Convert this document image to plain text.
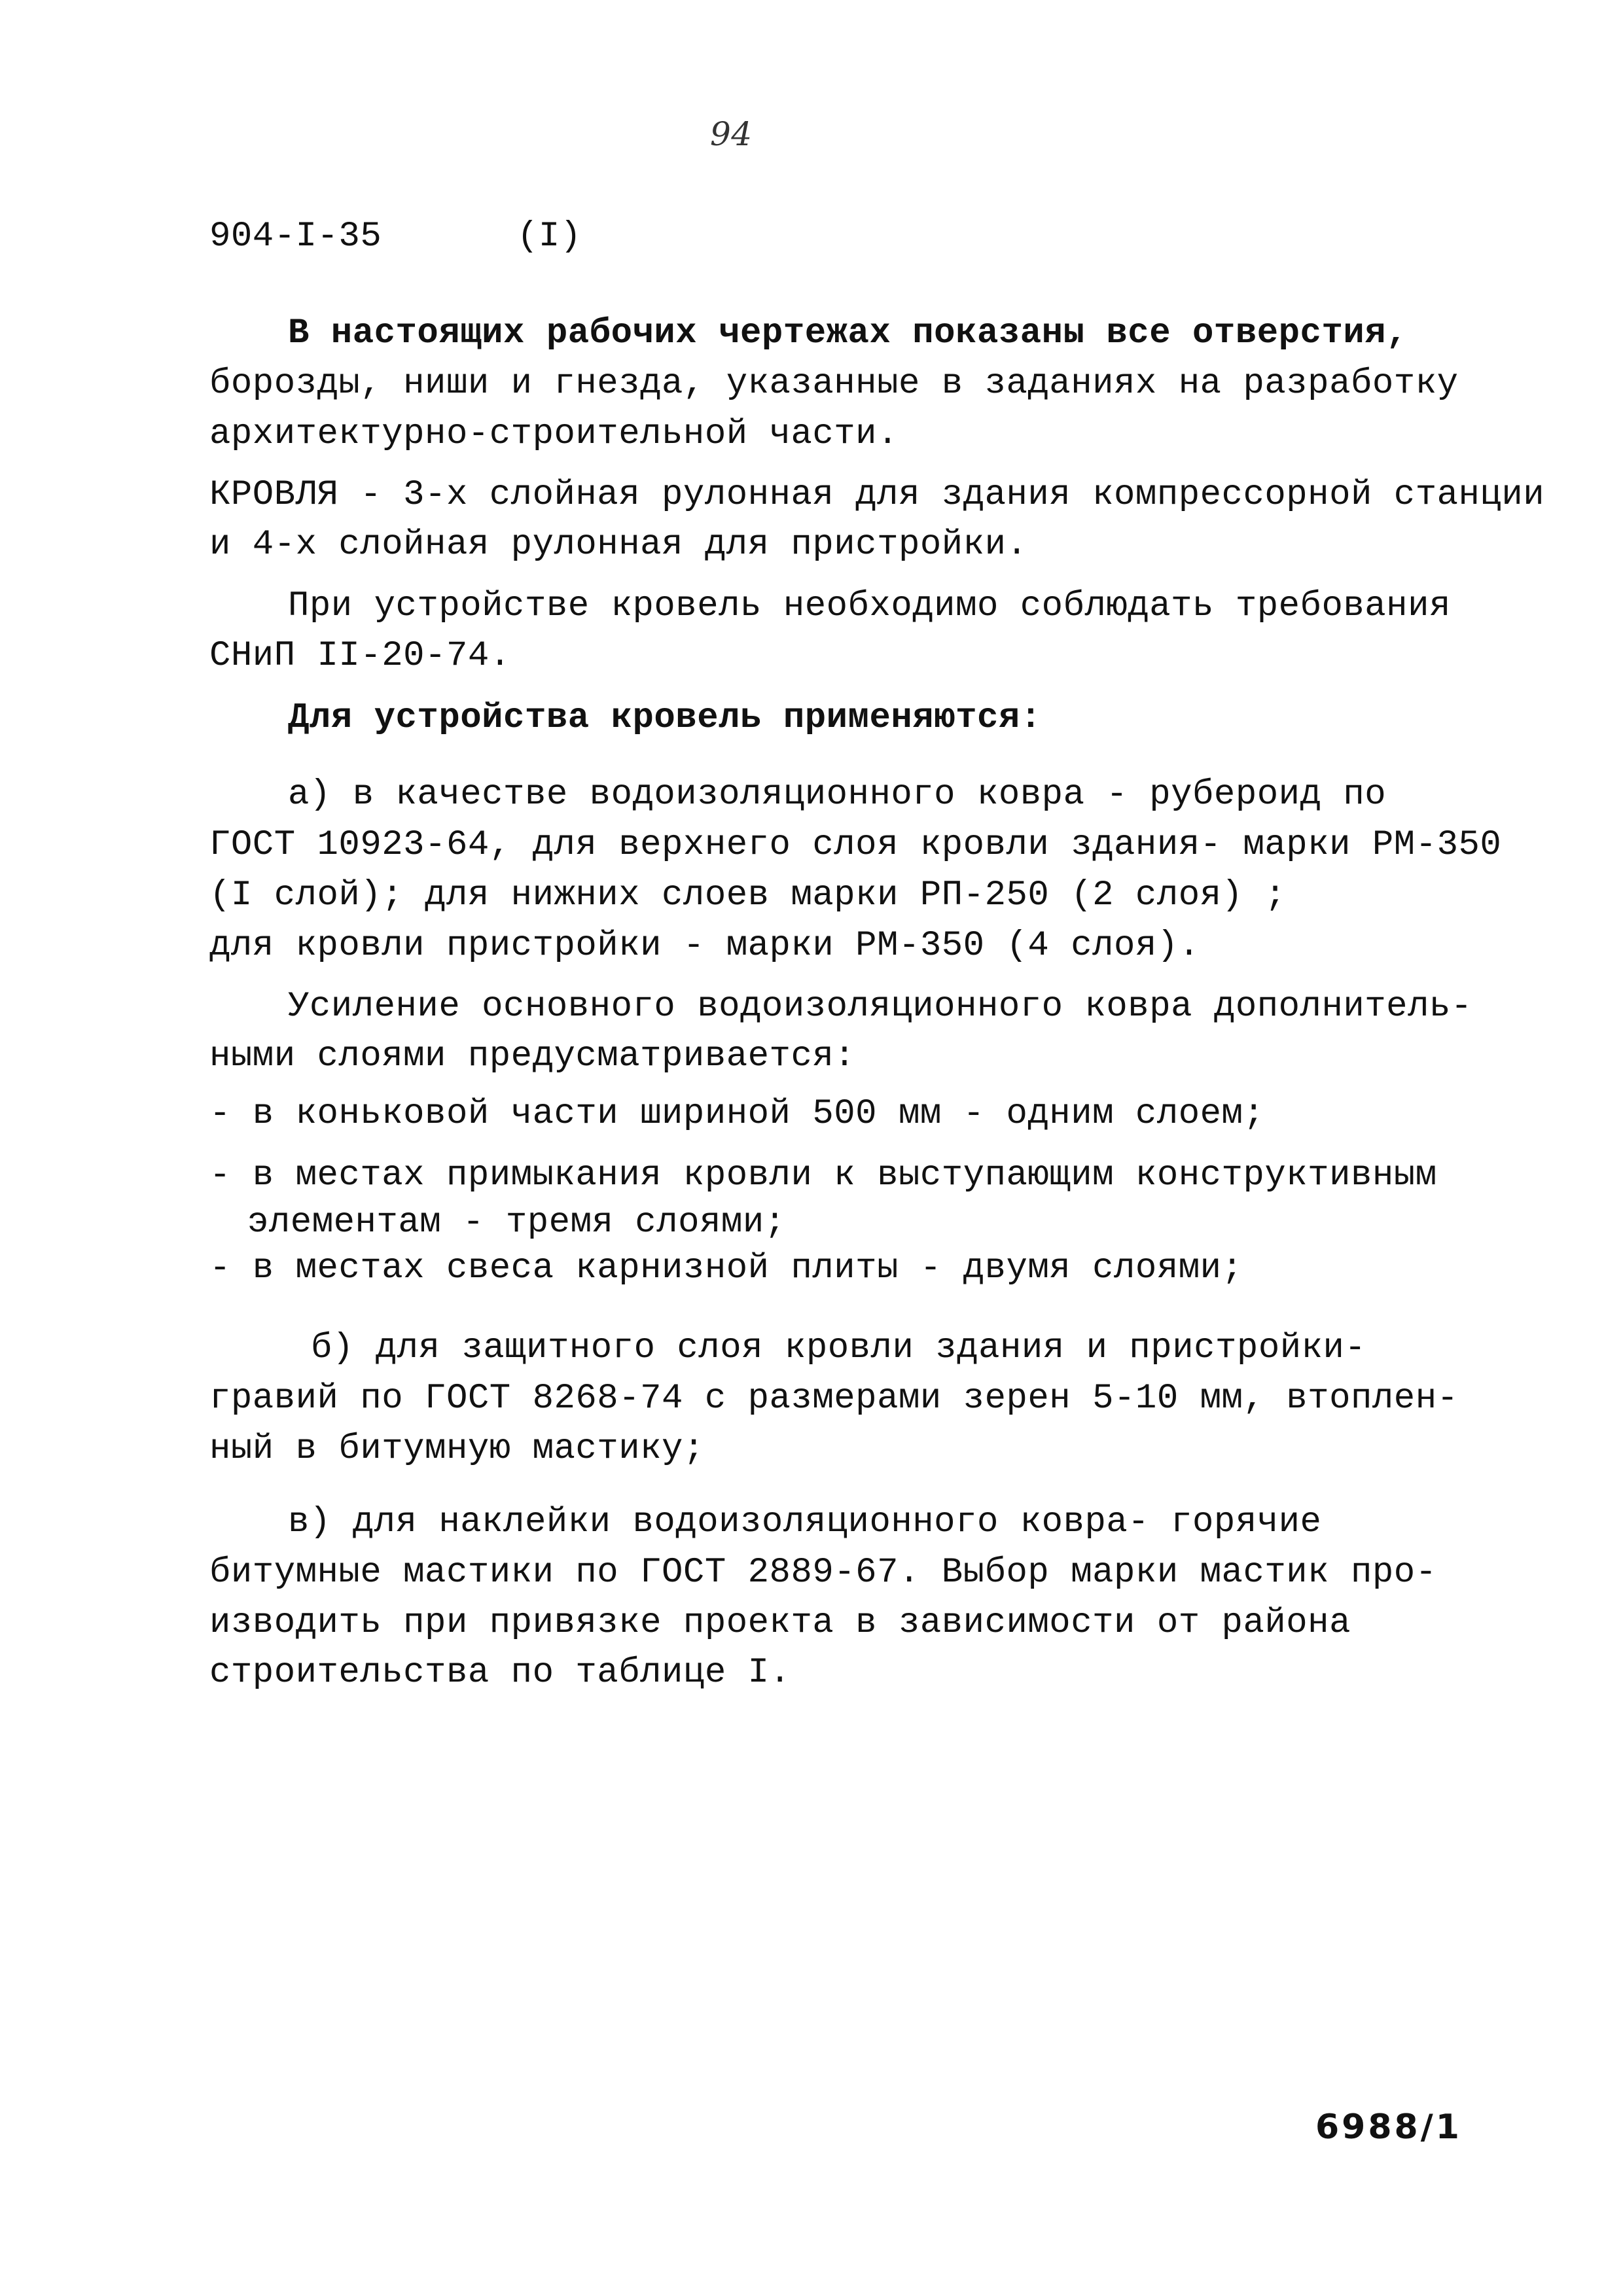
94
904-I-35	(I)
В настоящих рабочих чертежах показаны все отверстия,
борозды, ниши и гнезда, указанные в заданиях на разработку
архитектурно-строительной части.
КРОВЛЯ - 3-х слойная рулонная для здания компрессорной станции
и 4-х слойная рулонная для пристройки.
При устройстве кровель необходимо соблюдать требования
СНиП II-20-74.
Для устройства кровель применяются:
а) в качестве водоизоляционного ковра - рубероид по
ГОСТ 10923-64, для верхнего слоя кровли здания- марки РМ-350
(I слой); для нижних слоев марки РП-250 (2 слоя) ;
для кровли пристройки - марки РМ-350 (4 слоя).
Усиление основного водоизоляционного ковра дополнитель-
ными слоями предусматривается:
- в коньковой части шириной 500 мм - одним слоем;
- в местах примыкания кровли к выступающим конструктивным
элементам - тремя слоями;
- в местах свеса карнизной плиты - двумя слоями;
б) для защитного слоя кровли здания и пристройки-
гравий по ГОСТ 8268-74 с размерами зерен 5-10 мм, втоплен-
ный в битумную мастику;
в) для наклейки водоизоляционного ковра- горячие
битумные мастики по ГОСТ 2889-67. Выбор марки мастик про-
изводить при привязке проекта в зависимости от района
строительства по таблице I.
6988/1
